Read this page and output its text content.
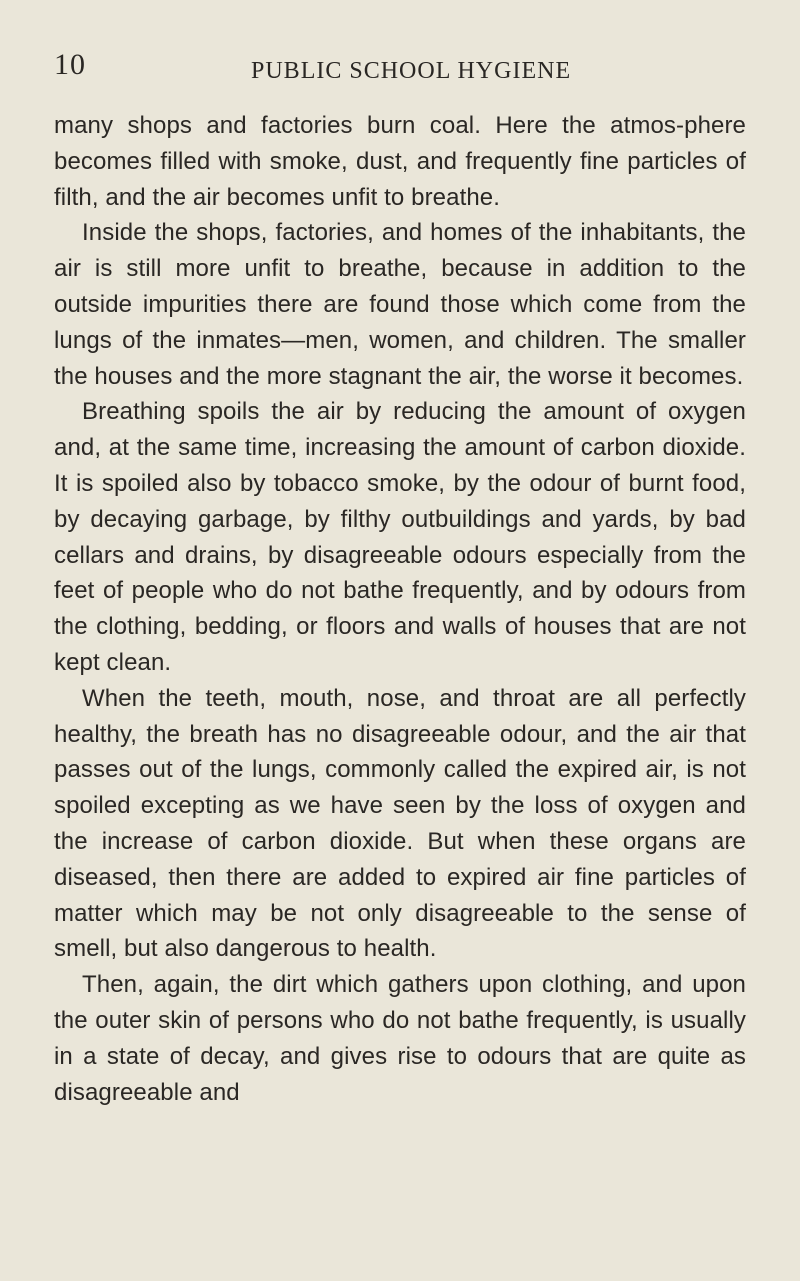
10	PUBLIC SCHOOL HYGIENE

many shops and factories burn coal. Here the atmos-phere becomes filled with smoke, dust, and frequently fine particles of filth, and the air becomes unfit to breathe.

Inside the shops, factories, and homes of the inhabitants, the air is still more unfit to breathe, because in addition to the outside impurities there are found those which come from the lungs of the inmates—men, women, and children. The smaller the houses and the more stagnant the air, the worse it becomes.

Breathing spoils the air by reducing the amount of oxygen and, at the same time, increasing the amount of carbon dioxide. It is spoiled also by tobacco smoke, by the odour of burnt food, by decaying garbage, by filthy outbuildings and yards, by bad cellars and drains, by disagreeable odours especially from the feet of people who do not bathe frequently, and by odours from the clothing, bedding, or floors and walls of houses that are not kept clean.

When the teeth, mouth, nose, and throat are all perfectly healthy, the breath has no disagreeable odour, and the air that passes out of the lungs, commonly called the expired air, is not spoiled excepting as we have seen by the loss of oxygen and the increase of carbon dioxide. But when these organs are diseased, then there are added to expired air fine particles of matter which may be not only disagreeable to the sense of smell, but also dangerous to health.

Then, again, the dirt which gathers upon clothing, and upon the outer skin of persons who do not bathe frequently, is usually in a state of decay, and gives rise to odours that are quite as disagreeable and
